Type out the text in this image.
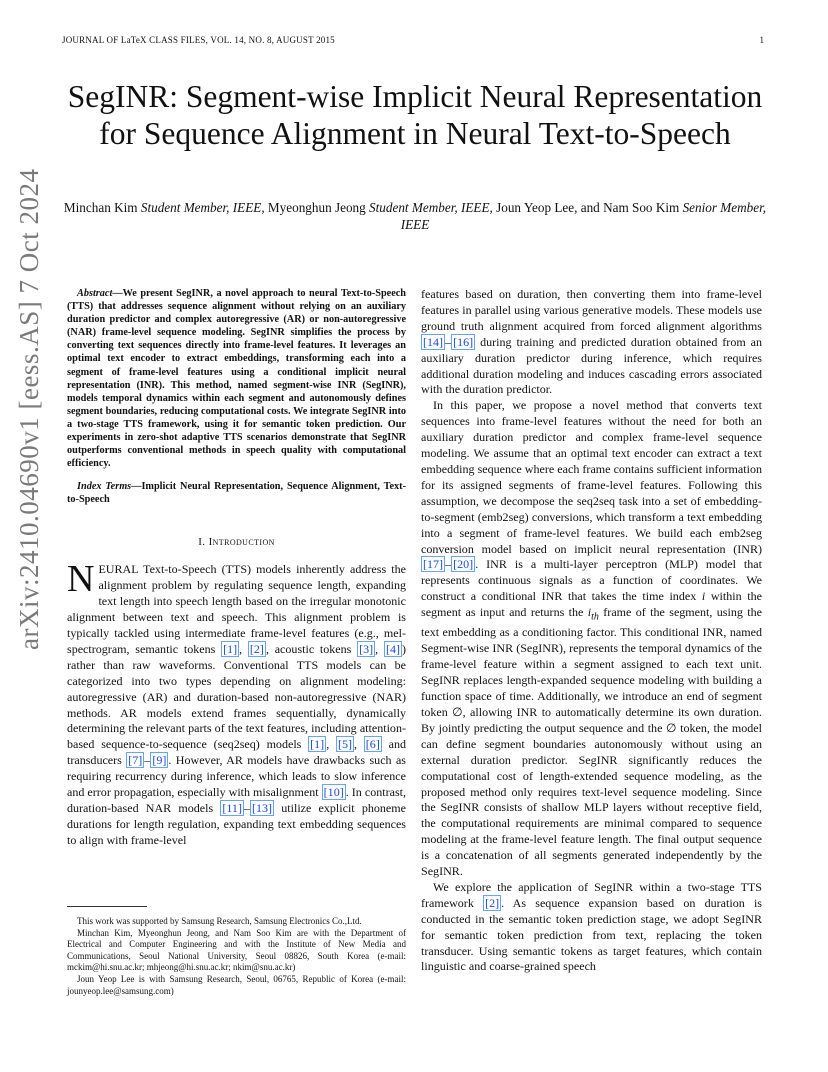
JOURNAL OF LaTeX CLASS FILES, VOL. 14, NO. 8, AUGUST 2015	1
SegINR: Segment-wise Implicit Neural Representation for Sequence Alignment in Neural Text-to-Speech
Minchan Kim Student Member, IEEE, Myeonghun Jeong Student Member, IEEE, Joun Yeop Lee, and Nam Soo Kim Senior Member, IEEE
arXiv:2410.04690v1 [eess.AS] 7 Oct 2024	Abstract—We present SegINR, a novel approach to neural Text-to-Speech (TTS) that addresses sequence alignment without relying on an auxiliary duration predictor and complex autoregressive (AR) or non-autoregressive (NAR) frame-level sequence modeling. SegINR simplifies the process by converting text sequences directly into frame-level features. It leverages an optimal text encoder to extract embeddings, transforming each into a segment of frame-level features using a conditional implicit neural representation (INR). This method, named segment-wise INR (SegINR), models temporal dynamics within each segment and autonomously defines segment boundaries, reducing computational costs. We integrate SegINR into a two-stage TTS framework, using it for semantic token prediction. Our experiments in zero-shot adaptive TTS scenarios demonstrate that SegINR outperforms conventional methods in speech quality with computational efficiency.

Index Terms—Implicit Neural Representation, Sequence Alignment, Text-to-Speech

I. Introduction

NEURAL Text-to-Speech (TTS) models inherently address the alignment problem by regulating sequence length, expanding text length into speech length based on the irregular monotonic alignment between text and speech. This alignment problem is typically tackled using intermediate frame-level features (e.g., mel-spectrogram, semantic tokens [1] , [2] , acoustic tokens [3] , [4] ) rather than raw waveforms. Conventional TTS models can be categorized into two types depending on alignment modeling: autoregressive (AR) and duration-based non-autoregressive (NAR) methods. AR models extend frames sequentially, dynamically determining the relevant parts of the text features, including attention-based sequence-to-sequence (seq2seq) models [1] , [5] , [6] and transducers [7] – [9] . However, AR models have drawbacks such as requiring recurrency during inference, which leads to slow inference and error propagation, especially with misalignment [10] . In contrast, duration-based NAR models [11] – [13] utilize explicit phoneme durations for length regulation, expanding text embedding sequences to align with frame-level

This work was supported by Samsung Research, Samsung Electronics Co.,Ltd.

Minchan Kim, Myeonghun Jeong, and Nam Soo Kim are with the Department of Electrical and Computer Engineering and with the Institute of New Media and Communications, Seoul National University, Seoul 08826, South Korea (e-mail: mckim@hi.snu.ac.kr; mhjeong@hi.snu.ac.kr; nkim@snu.ac.kr)

Joun Yeop Lee is with Samsung Research, Seoul, 06765, Republic of Korea (e-mail: jounyeop.lee@samsung.com)

features based on duration, then converting them into frame-level features in parallel using various generative models. These models use ground truth alignment acquired from forced alignment algorithms [14] – [16] during training and predicted duration obtained from an auxiliary duration predictor during inference, which requires additional duration modeling and induces cascading errors associated with the duration predictor.

In this paper, we propose a novel method that converts text sequences into frame-level features without the need for both an auxiliary duration predictor and complex frame-level sequence modeling. We assume that an optimal text encoder can extract a text embedding sequence where each frame contains sufficient information for its assigned segments of frame-level features. Following this assumption, we decompose the seq2seq task into a set of embedding-to-segment (emb2seg) conversions, which transform a text embedding into a segment of frame-level features. We build each emb2seg conversion model based on implicit neural representation (INR) [17] – [20] . INR is a multi-layer perceptron (MLP) model that represents continuous signals as a function of coordinates. We construct a conditional INR that takes the time index i within the segment as input and returns the $i_{th}$ frame of the segment, using the text embedding as a conditioning factor. This conditional INR, named Segment-wise INR (SegINR), represents the temporal dynamics of the frame-level feature within a segment assigned to each text unit. SegINR replaces length-expanded sequence modeling with building a function space of time. Additionally, we introduce an end of segment token ∅, allowing INR to automatically determine its own duration. By jointly predicting the output sequence and the ∅ token, the model can define segment boundaries autonomously without using an external duration predictor. SegINR significantly reduces the computational cost of length-extended sequence modeling, as the proposed method only requires text-level sequence modeling. Since the SegINR consists of shallow MLP layers without receptive field, the computational requirements are minimal compared to sequence modeling at the frame-level feature length. The final output sequence is a concatenation of all segments generated independently by the SegINR.

We explore the application of SegINR within a two-stage TTS framework [2] . As sequence expansion based on duration is conducted in the semantic token prediction stage, we adopt SegINR for semantic token prediction from text, replacing the token transducer. Using semantic tokens as target features, which contain linguistic and coarse-grained speech
